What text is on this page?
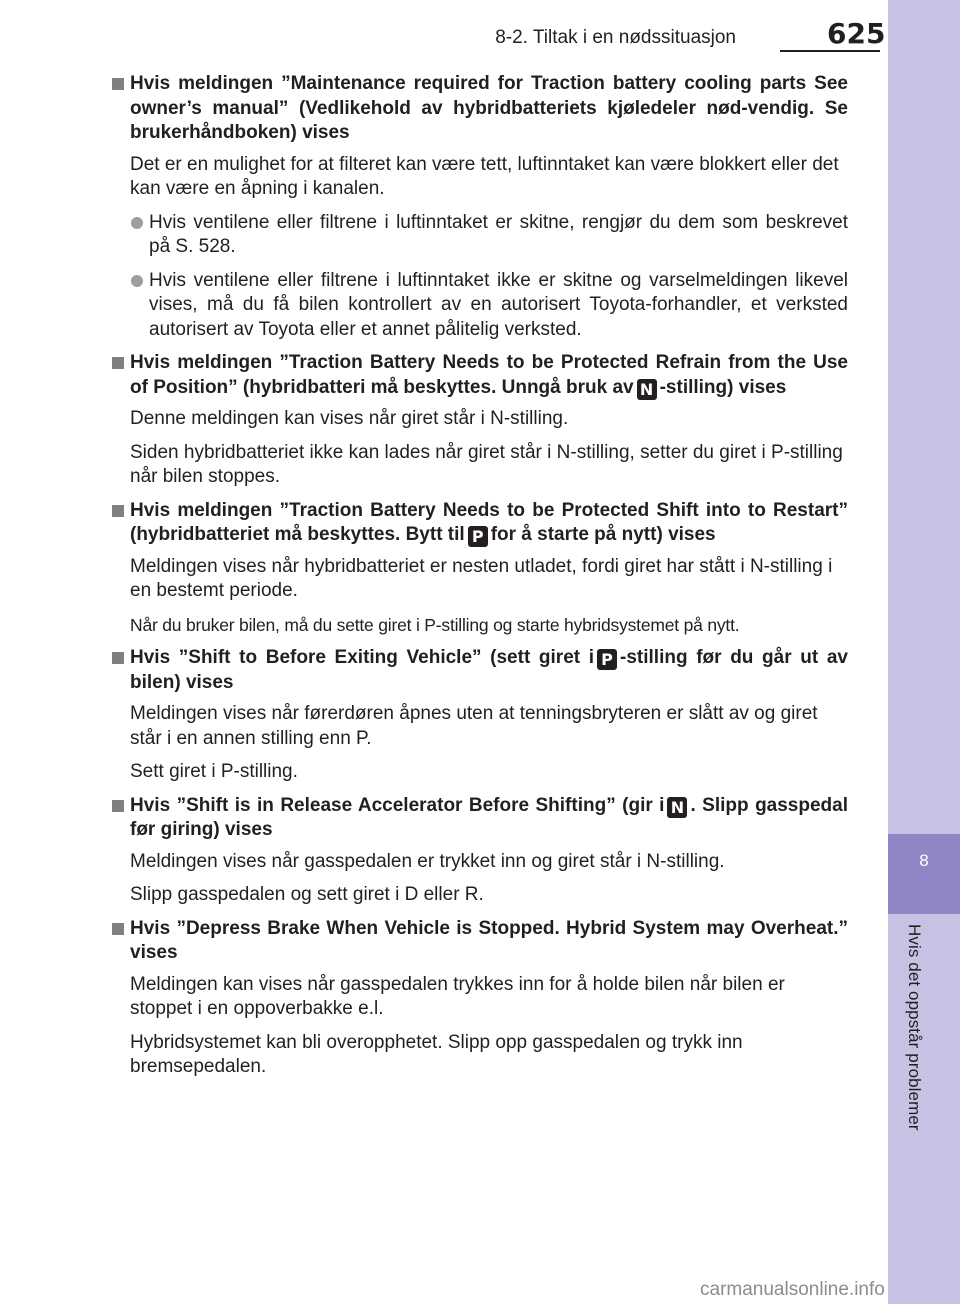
8-2. Tiltak i en nødssituasjon	625
8
Hvis det oppstår problemer
Hvis meldingen ”Maintenance required for Traction battery cooling parts See owner’s manual” (Vedlikehold av hybridbatteriets kjøledeler nød-vendig. Se brukerhåndboken) vises
Det er en mulighet for at filteret kan være tett, luftinntaket kan være blokkert eller det kan være en åpning i kanalen.
Hvis ventilene eller filtrene i luftinntaket er skitne, rengjør du dem som beskrevet på S. 528.
Hvis ventilene eller filtrene i luftinntaket ikke er skitne og varselmeldingen likevel vises, må du få bilen kontrollert av en autorisert Toyota-forhandler, et verksted autorisert av Toyota eller et annet pålitelig verksted.
Hvis meldingen ”Traction Battery Needs to be Protected Refrain from the Use of Position” (hybridbatteri må beskyttes. Unngå bruk av N -stilling) vises
Denne meldingen kan vises når giret står i N-stilling.
Siden hybridbatteriet ikke kan lades når giret står i N-stilling, setter du giret i P-stilling når bilen stoppes.
Hvis meldingen ”Traction Battery Needs to be Protected Shift into to Restart” (hybridbatteriet må beskyttes. Bytt til P for å starte på nytt) vises
Meldingen vises når hybridbatteriet er nesten utladet, fordi giret har stått i N-stilling i en bestemt periode.
Når du bruker bilen, må du sette giret i P-stilling og starte hybridsystemet på nytt.
Hvis ”Shift to Before Exiting Vehicle” (sett giret i P -stilling før du går ut av bilen) vises
Meldingen vises når førerdøren åpnes uten at tenningsbryteren er slått av og giret står i en annen stilling enn P.
Sett giret i P-stilling.
Hvis ”Shift is in Release Accelerator Before Shifting” (gir i N . Slipp gasspedal før giring) vises
Meldingen vises når gasspedalen er trykket inn og giret står i N-stilling.
Slipp gasspedalen og sett giret i D eller R.
Hvis ”Depress Brake When Vehicle is Stopped. Hybrid System may Overheat.” vises
Meldingen kan vises når gasspedalen trykkes inn for å holde bilen når bilen er stoppet i en oppoverbakke e.l.
Hybridsystemet kan bli overopphetet. Slipp opp gasspedalen og trykk inn bremsepedalen.
carmanualsonline.info
